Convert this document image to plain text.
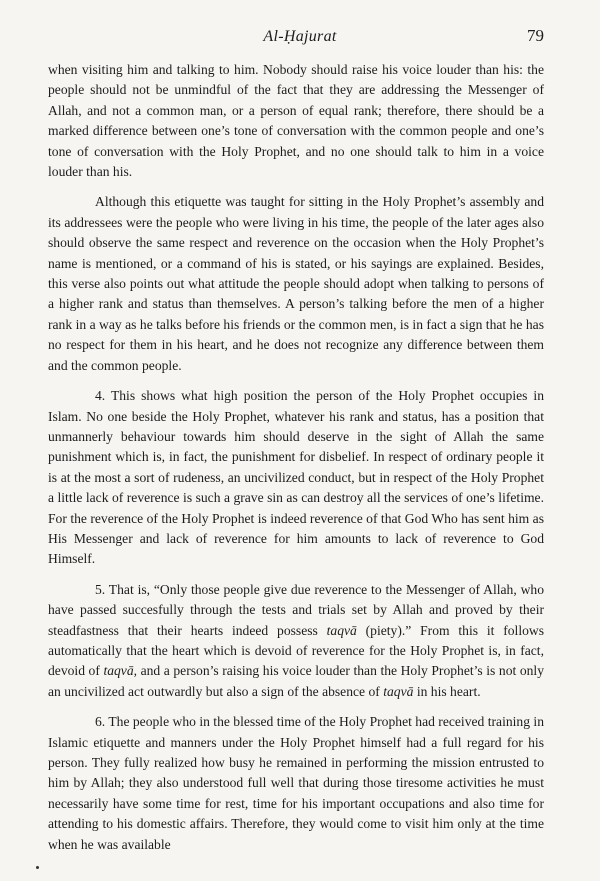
Al-Ḥajurat	79

when visiting him and talking to him. Nobody should raise his voice louder than his: the people should not be unmindful of the fact that they are addressing the Messenger of Allah, and not a common man, or a person of equal rank; therefore, there should be a marked difference between one’s tone of conversation with the common people and one’s tone of conversation with the Holy Prophet, and no one should talk to him in a voice louder than his.

Although this etiquette was taught for sitting in the Holy Prophet’s assembly and its addressees were the people who were living in his time, the people of the later ages also should observe the same respect and reverence on the occasion when the Holy Prophet’s name is mentioned, or a command of his is stated, or his sayings are explained. Besides, this verse also points out what attitude the people should adopt when talking to persons of a higher rank and status than themselves. A person’s talking before the men of a higher rank in a way as he talks before his friends or the common men, is in fact a sign that he has no respect for them in his heart, and he does not recognize any difference between them and the common people.

4. This shows what high position the person of the Holy Prophet occupies in Islam. No one beside the Holy Prophet, whatever his rank and status, has a position that unmannerly behaviour towards him should deserve in the sight of Allah the same punishment which is, in fact, the punishment for disbelief. In respect of ordinary people it is at the most a sort of rudeness, an uncivilized conduct, but in respect of the Holy Prophet a little lack of reverence is such a grave sin as can destroy all the services of one’s lifetime. For the reverence of the Holy Prophet is indeed reverence of that God Who has sent him as His Messenger and lack of reverence for him amounts to lack of reverence to God Himself.

5. That is, “Only those people give due reverence to the Messenger of Allah, who have passed succesfully through the tests and trials set by Allah and proved by their steadfastness that their hearts indeed possess taqvā (piety).” From this it follows automatically that the heart which is devoid of reverence for the Holy Prophet is, in fact, devoid of taqvā, and a person’s raising his voice louder than the Holy Prophet’s is not only an uncivilized act outwardly but also a sign of the absence of taqvā in his heart.

6. The people who in the blessed time of the Holy Prophet had received training in Islamic etiquette and manners under the Holy Prophet himself had a full regard for his person. They fully realized how busy he remained in performing the mission entrusted to him by Allah; they also understood full well that during those tiresome activities he must necessarily have some time for rest, time for his important occupations and also time for attending to his domestic affairs. Therefore, they would come to visit him only at the time when he was available
